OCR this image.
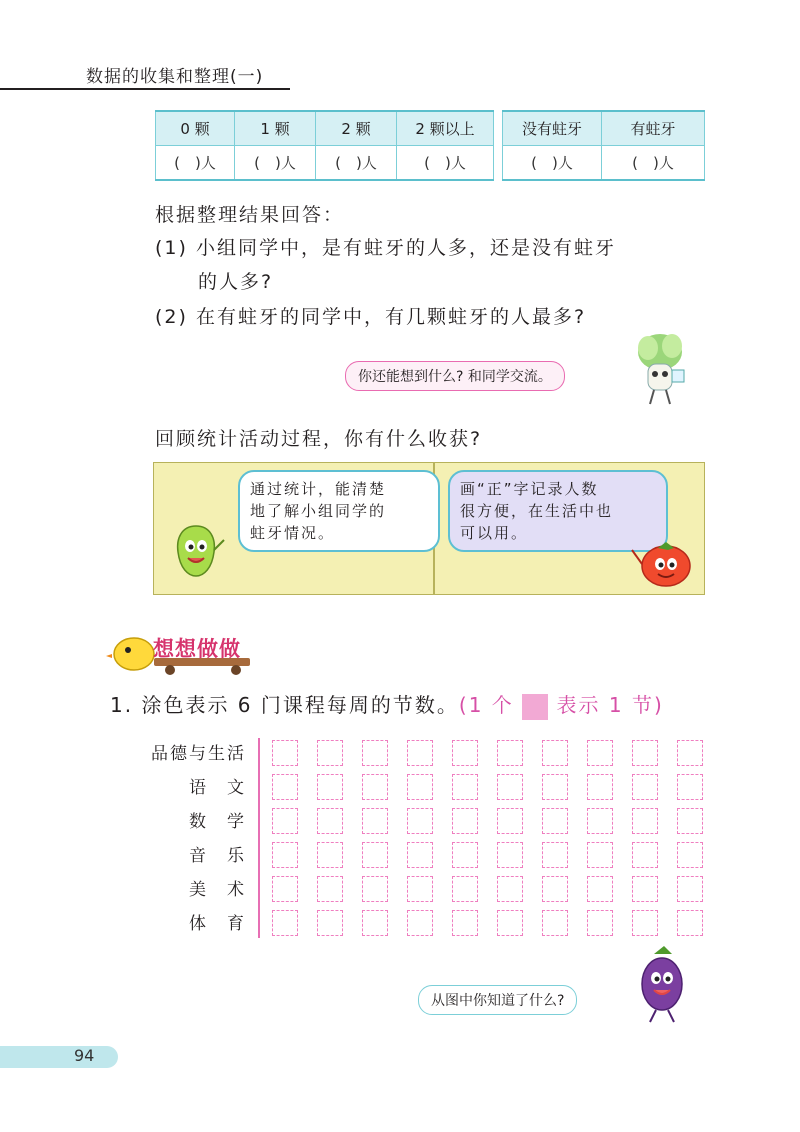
数据的收集和整理(一)
0 颗	1 颗	2 颗	2 颗以上
(　)人	(　)人	(　)人	(　)人
没有蛀牙	有蛀牙
(　)人	(　)人
根据整理结果回答：
(1) 小组同学中，是有蛀牙的人多，还是没有蛀牙
的人多?
(2) 在有蛀牙的同学中，有几颗蛀牙的人最多?
你还能想到什么? 和同学交流。
回顾统计活动过程，你有什么收获?
通过统计，能清楚
地了解小组同学的
蛀牙情况。
画“正”字记录人数
很方便，在生活中也
可以用。
想想做做
1. 涂色表示 6 门课程每周的节数。(1 个 表示 1 节)
品德与生活
语　文
数　学
音　乐
美　术
体　育
从图中你知道了什么?
94
